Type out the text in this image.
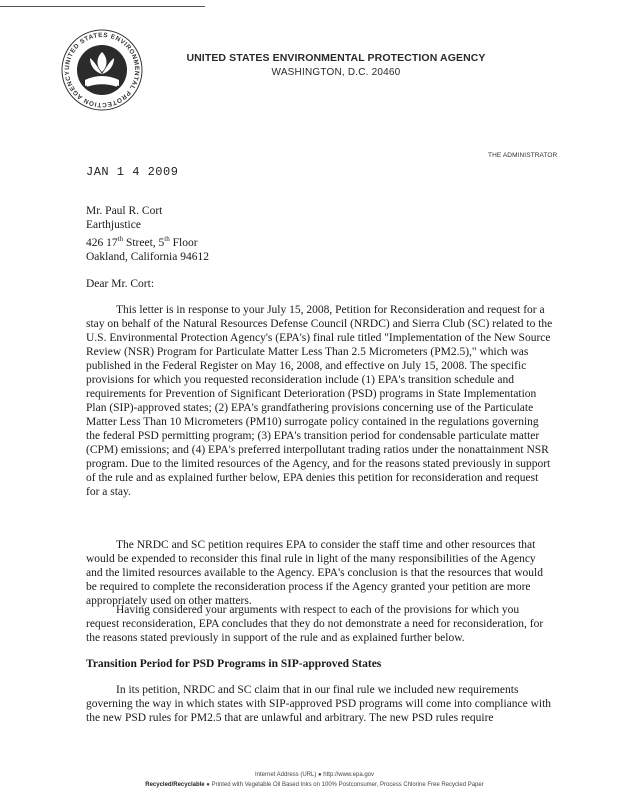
UNITED STATES ENVIRONMENTAL PROTECTION AGENCY
UNITED STATES ENVIRONMENTAL PROTECTION AGENCY
WASHINGTON, D.C. 20460
THE ADMINISTRATOR
JAN 1 4 2009
Mr. Paul R. Cort
Earthjustice
426 17th Street, 5th Floor
Oakland, California 94612
Dear Mr. Cort:
This letter is in response to your July 15, 2008, Petition for Reconsideration and request for a stay on behalf of the Natural Resources Defense Council (NRDC) and Sierra Club (SC) related to the U.S. Environmental Protection Agency's (EPA's) final rule titled "Implementation of the New Source Review (NSR) Program for Particulate Matter Less Than 2.5 Micrometers (PM2.5)," which was published in the Federal Register on May 16, 2008, and effective on July 15, 2008. The specific provisions for which you requested reconsideration include (1) EPA's transition schedule and requirements for Prevention of Significant Deterioration (PSD) programs in State Implementation Plan (SIP)-approved states; (2) EPA's grandfathering provisions concerning use of the Particulate Matter Less Than 10 Micrometers (PM10) surrogate policy contained in the regulations governing the federal PSD permitting program; (3) EPA's transition period for condensable particulate matter (CPM) emissions; and (4) EPA's preferred interpollutant trading ratios under the nonattainment NSR program. Due to the limited resources of the Agency, and for the reasons stated previously in support of the rule and as explained further below, EPA denies this petition for reconsideration and request for a stay.
The NRDC and SC petition requires EPA to consider the staff time and other resources that would be expended to reconsider this final rule in light of the many responsibilities of the Agency and the limited resources available to the Agency. EPA's conclusion is that the resources that would be required to complete the reconsideration process if the Agency granted your petition are more appropriately used on other matters.
Having considered your arguments with respect to each of the provisions for which you request reconsideration, EPA concludes that they do not demonstrate a need for reconsideration, for the reasons stated previously in support of the rule and as explained further below.
Transition Period for PSD Programs in SIP-approved States
In its petition, NRDC and SC claim that in our final rule we included new requirements governing the way in which states with SIP-approved PSD programs will come into compliance with the new PSD rules for PM2.5 that are unlawful and arbitrary. The new PSD rules require
Internet Address (URL) ● http://www.epa.gov
Recycled/Recyclable ● Printed with Vegetable Oil Based Inks on 100% Postconsumer, Process Chlorine Free Recycled Paper
